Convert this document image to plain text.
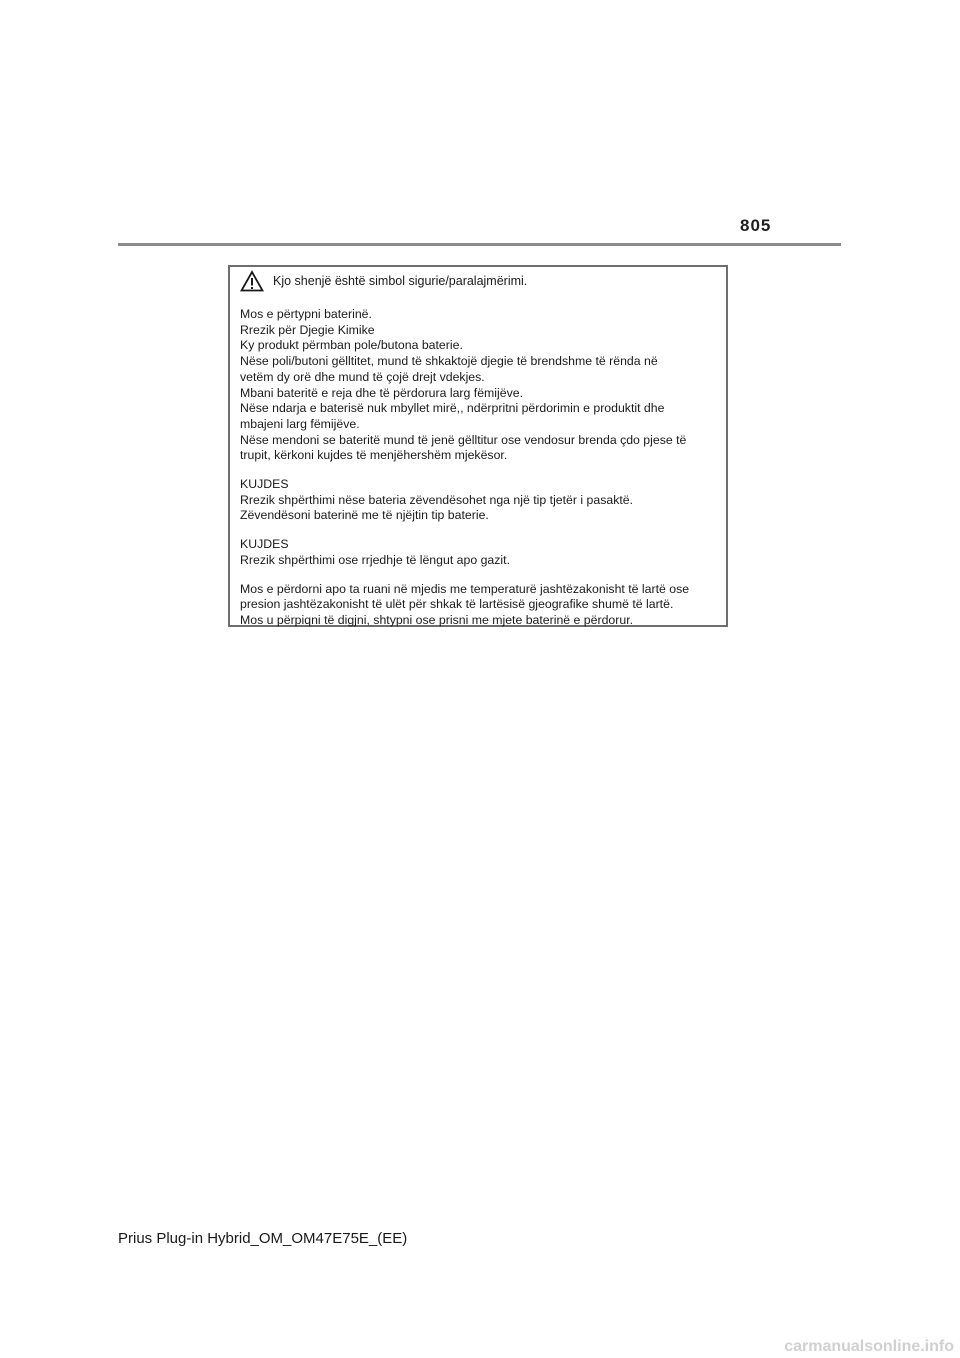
805
Kjo shenjë është simbol sigurie/paralajmërimi.

Mos e përtypni baterinë.
Rrezik për Djegie Kimike
Ky produkt përmban pole/butona baterie.
Nëse poli/butoni gëlltitet, mund të shkaktojë djegie të brendshme të rënda në
vetëm dy orë dhe mund të çojë drejt vdekjes.
Mbani bateritë e reja dhe të përdorura larg fëmijëve.
Nëse ndarja e baterisë nuk mbyllet mirë,, ndërpritni përdorimin e produktit dhe
mbajeni larg fëmijëve.
Nëse mendoni se bateritë mund të jenë gëlltitur ose vendosur brenda çdo pjese të
trupit, kërkoni kujdes të menjëhershëm mjekësor.

KUJDES
Rrezik shpërthimi nëse bateria zëvendësohet nga një tip tjetër i pasaktë.
Zëvendësoni baterinë me të njëjtin tip baterie.

KUJDES
Rrezik shpërthimi ose rrjedhje të lëngut apo gazit.

Mos e përdorni apo ta ruani në mjedis me temperaturë jashtëzakonisht të lartë ose
presion jashtëzakonisht të ulët për shkak të lartësisë gjeografike shumë të lartë.
Mos u përpiqni të digjni, shtypni ose prisni me mjete baterinë e përdorur.

Prius Plug-in Hybrid_OM_OM47E75E_(EE)
carmanualsonline.info
